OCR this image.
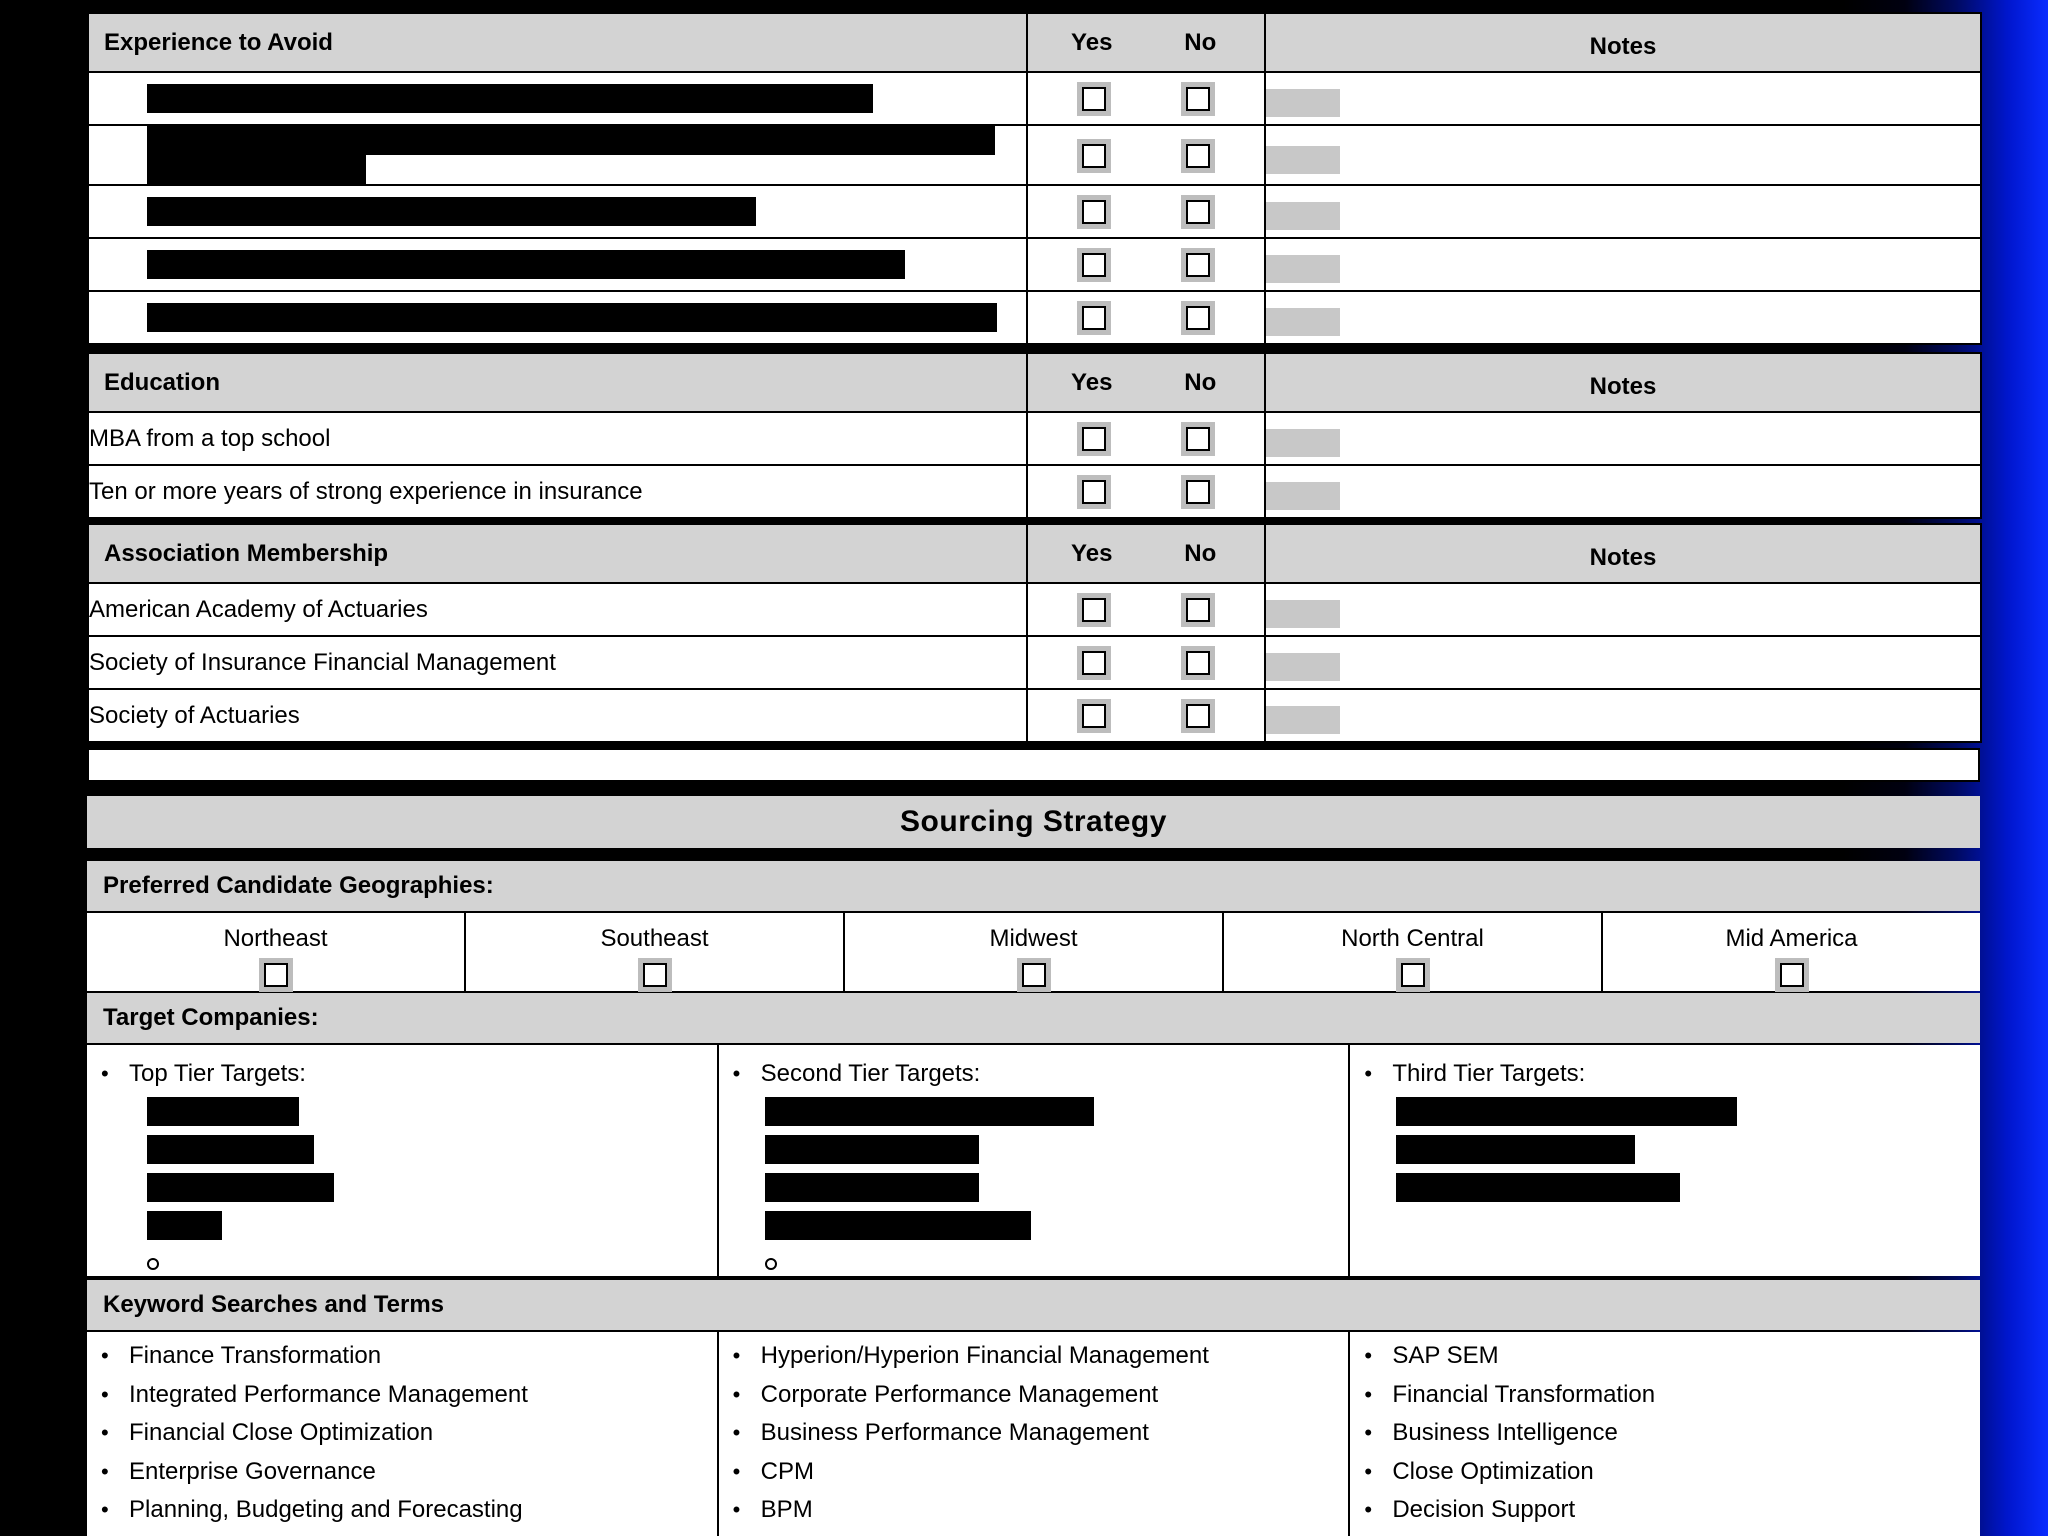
Experience to Avoid	Yes No	Notes

Education	Yes No	Notes
MBA from a top school		
Ten or more years of strong experience in insurance		
Association Membership	Yes No	Notes
American Academy of Actuaries		
Society of Insurance Financial Management		
Society of Actuaries		
Sourcing Strategy
Preferred Candidate Geographies:
Northeast	Southeast	Midwest	North Central	Mid America
Target Companies:
• Top Tier Targets:	• Second Tier Targets:	• Third Tier Targets:
Keyword Searches and Terms
• Finance Transformation
• Integrated Performance Management
• Financial Close Optimization
• Enterprise Governance
• Planning, Budgeting and Forecasting
• Hyperion/Hyperion Financial Management
• Corporate Performance Management
• Business Performance Management
• CPM
• BPM
• SAP SEM
• Financial Transformation
• Business Intelligence
• Close Optimization
• Decision Support
